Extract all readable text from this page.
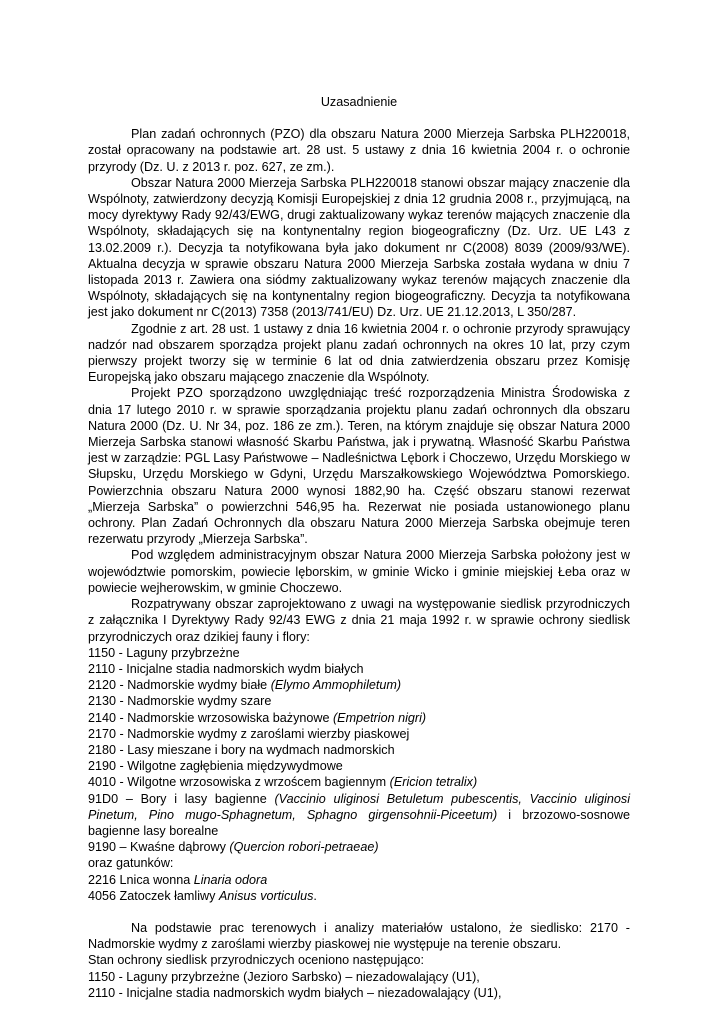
Uzasadnienie

Plan zadań ochronnych (PZO) dla obszaru Natura 2000 Mierzeja Sarbska PLH220018, został opracowany na podstawie art. 28 ust. 5 ustawy z dnia 16 kwietnia 2004 r. o ochronie przyrody (Dz. U. z 2013 r. poz. 627, ze zm.).

Obszar Natura 2000 Mierzeja Sarbska PLH220018 stanowi obszar mający znaczenie dla Wspólnoty, zatwierdzony decyzją Komisji Europejskiej z dnia 12 grudnia 2008 r., przyjmującą, na mocy dyrektywy Rady 92/43/EWG, drugi zaktualizowany wykaz terenów mających znaczenie dla Wspólnoty, składających się na kontynentalny region biogeograficzny (Dz. Urz. UE L43 z 13.02.2009 r.). Decyzja ta notyfikowana była jako dokument nr C(2008) 8039 (2009/93/WE). Aktualna decyzja w sprawie obszaru Natura 2000 Mierzeja Sarbska została wydana w dniu 7 listopada 2013 r. Zawiera ona siódmy zaktualizowany wykaz terenów mających znaczenie dla Wspólnoty, składających się na kontynentalny region biogeograficzny. Decyzja ta notyfikowana jest jako dokument nr C(2013) 7358 (2013/741/EU) Dz. Urz. UE 21.12.2013, L 350/287.

Zgodnie z art. 28 ust. 1 ustawy z dnia 16 kwietnia 2004 r. o ochronie przyrody sprawujący nadzór nad obszarem sporządza projekt planu zadań ochronnych na okres 10 lat, przy czym pierwszy projekt tworzy się w terminie 6 lat od dnia zatwierdzenia obszaru przez Komisję Europejską jako obszaru mającego znaczenie dla Wspólnoty.

Projekt PZO sporządzono uwzględniając treść rozporządzenia Ministra Środowiska z dnia 17 lutego 2010 r. w sprawie sporządzania projektu planu zadań ochronnych dla obszaru Natura 2000 (Dz. U. Nr 34, poz. 186 ze zm.). Teren, na którym znajduje się obszar Natura 2000 Mierzeja Sarbska stanowi własność Skarbu Państwa, jak i prywatną. Własność Skarbu Państwa jest w zarządzie: PGL Lasy Państwowe – Nadleśnictwa Lębork i Choczewo, Urzędu Morskiego w Słupsku, Urzędu Morskiego w Gdyni, Urzędu Marszałkowskiego Województwa Pomorskiego. Powierzchnia obszaru Natura 2000 wynosi 1882,90 ha. Część obszaru stanowi rezerwat „Mierzeja Sarbska” o powierzchni 546,95 ha. Rezerwat nie posiada ustanowionego planu ochrony. Plan Zadań Ochronnych dla obszaru Natura 2000 Mierzeja Sarbska obejmuje teren rezerwatu przyrody „Mierzeja Sarbska”.

Pod względem administracyjnym obszar Natura 2000 Mierzeja Sarbska położony jest w województwie pomorskim, powiecie lęborskim, w gminie Wicko i gminie miejskiej Łeba oraz w powiecie wejherowskim, w gminie Choczewo.

Rozpatrywany obszar zaprojektowano z uwagi na występowanie siedlisk przyrodniczych z załącznika I Dyrektywy Rady 92/43 EWG z dnia 21 maja 1992 r. w sprawie ochrony siedlisk przyrodniczych oraz dzikiej fauny i flory:

1150 - Laguny przybrzeżne
2110 - Inicjalne stadia nadmorskich wydm białych
2120 - Nadmorskie wydmy białe (Elymo Ammophiletum)
2130 - Nadmorskie wydmy szare
2140 - Nadmorskie wrzosowiska bażynowe (Empetrion nigri)
2170 - Nadmorskie wydmy z zaroślami wierzby piaskowej
2180 - Lasy mieszane i bory na wydmach nadmorskich
2190 - Wilgotne zagłębienia międzywydmowe
4010 - Wilgotne wrzosowiska z wrzoścem bagiennym (Ericion tetralix)
91D0 – Bory i lasy bagienne (Vaccinio uliginosi Betuletum pubescentis, Vaccinio uliginosi Pinetum, Pino mugo-Sphagnetum, Sphagno girgensohnii-Piceetum) i brzozowo-sosnowe bagienne lasy borealne
9190 – Kwaśne dąbrowy (Quercion robori-petraeae)
oraz gatunków:
2216 Lnica wonna Linaria odora
4056 Zatoczek łamliwy Anisus vorticulus.

Na podstawie prac terenowych i analizy materiałów ustalono, że siedlisko: 2170 - Nadmorskie wydmy z zaroślami wierzby piaskowej nie występuje na terenie obszaru.

Stan ochrony siedlisk przyrodniczych oceniono następująco:
1150 - Laguny przybrzeżne (Jezioro Sarbsko) – niezadowalający (U1),
2110 - Inicjalne stadia nadmorskich wydm białych – niezadowalający (U1),
